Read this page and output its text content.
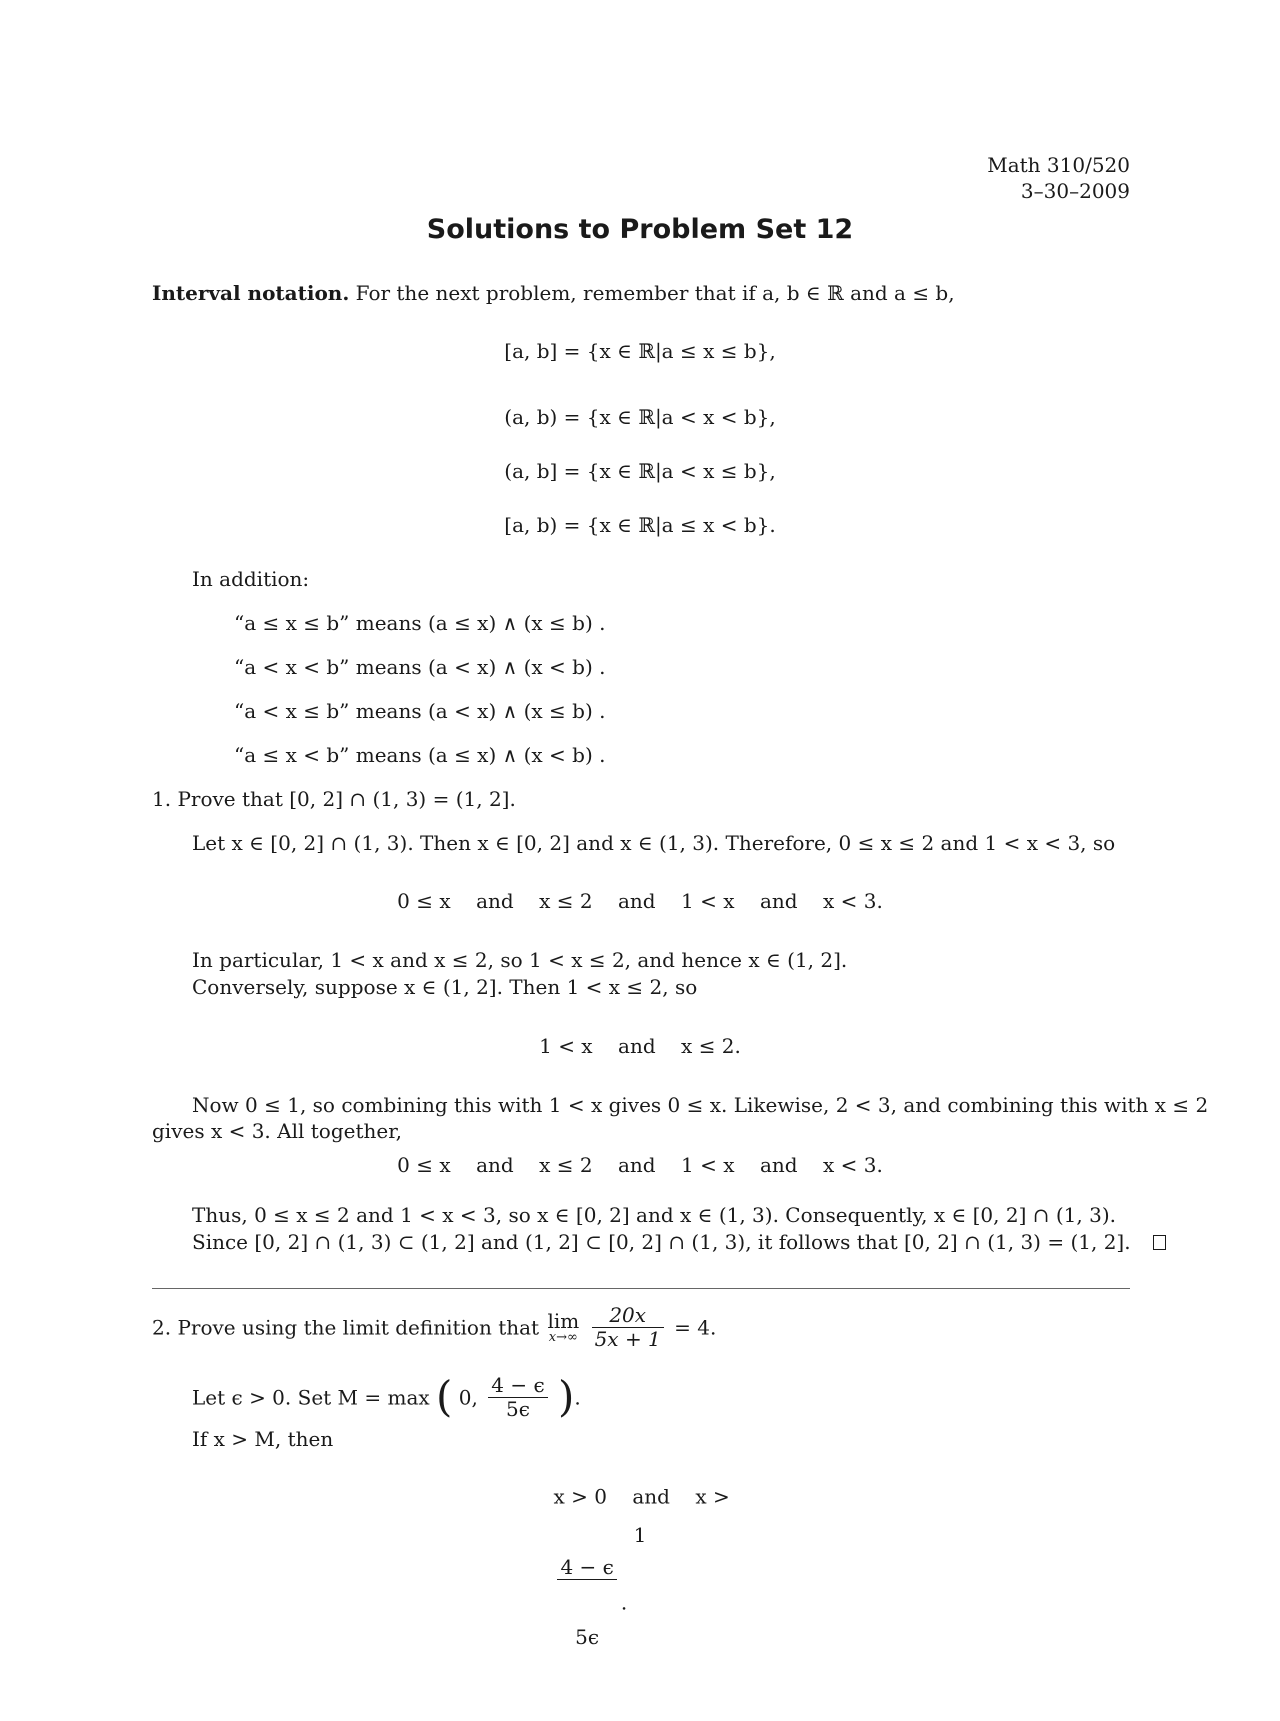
Math 310/520
3–30–2009
Solutions to Problem Set 12
Interval notation. For the next problem, remember that if a, b ∈ ℝ and a ≤ b,
[a, b] = {x ∈ ℝ|a ≤ x ≤ b},
(a, b) = {x ∈ ℝ|a < x < b},
(a, b] = {x ∈ ℝ|a < x ≤ b},
[a, b) = {x ∈ ℝ|a ≤ x < b}.
In addition:
“a ≤ x ≤ b” means (a ≤ x) ∧ (x ≤ b) .
“a < x < b” means (a < x) ∧ (x < b) .
“a < x ≤ b” means (a < x) ∧ (x ≤ b) .
“a ≤ x < b” means (a ≤ x) ∧ (x < b) .
1. Prove that [0, 2] ∩ (1, 3) = (1, 2].
Let x ∈ [0, 2] ∩ (1, 3). Then x ∈ [0, 2] and x ∈ (1, 3). Therefore, 0 ≤ x ≤ 2 and 1 < x < 3, so
0 ≤ x    and    x ≤ 2    and    1 < x    and    x < 3.
In particular, 1 < x and x ≤ 2, so 1 < x ≤ 2, and hence x ∈ (1, 2].
Conversely, suppose x ∈ (1, 2]. Then 1 < x ≤ 2, so
1 < x    and    x ≤ 2.
Now 0 ≤ 1, so combining this with 1 < x gives 0 ≤ x. Likewise, 2 < 3, and combining this with x ≤ 2
gives x < 3. All together,
0 ≤ x    and    x ≤ 2    and    1 < x    and    x < 3.
Thus, 0 ≤ x ≤ 2 and 1 < x < 3, so x ∈ [0, 2] and x ∈ (1, 3). Consequently, x ∈ [0, 2] ∩ (1, 3).
Since [0, 2] ∩ (1, 3) ⊂ (1, 2] and (1, 2] ⊂ [0, 2] ∩ (1, 3), it follows that [0, 2] ∩ (1, 3) = (1, 2].
2. Prove using the limit definition that lim
x→∞
$\frac{20x}{5x + 1} = 4$.
Let ϵ > 0. Set M = max ( 0, $\frac{4 - \epsilon}{5\epsilon}$ ).
If x > M, then

x > 0    and    x >

$\frac{4 - \epsilon}{5\epsilon}$ .

1
